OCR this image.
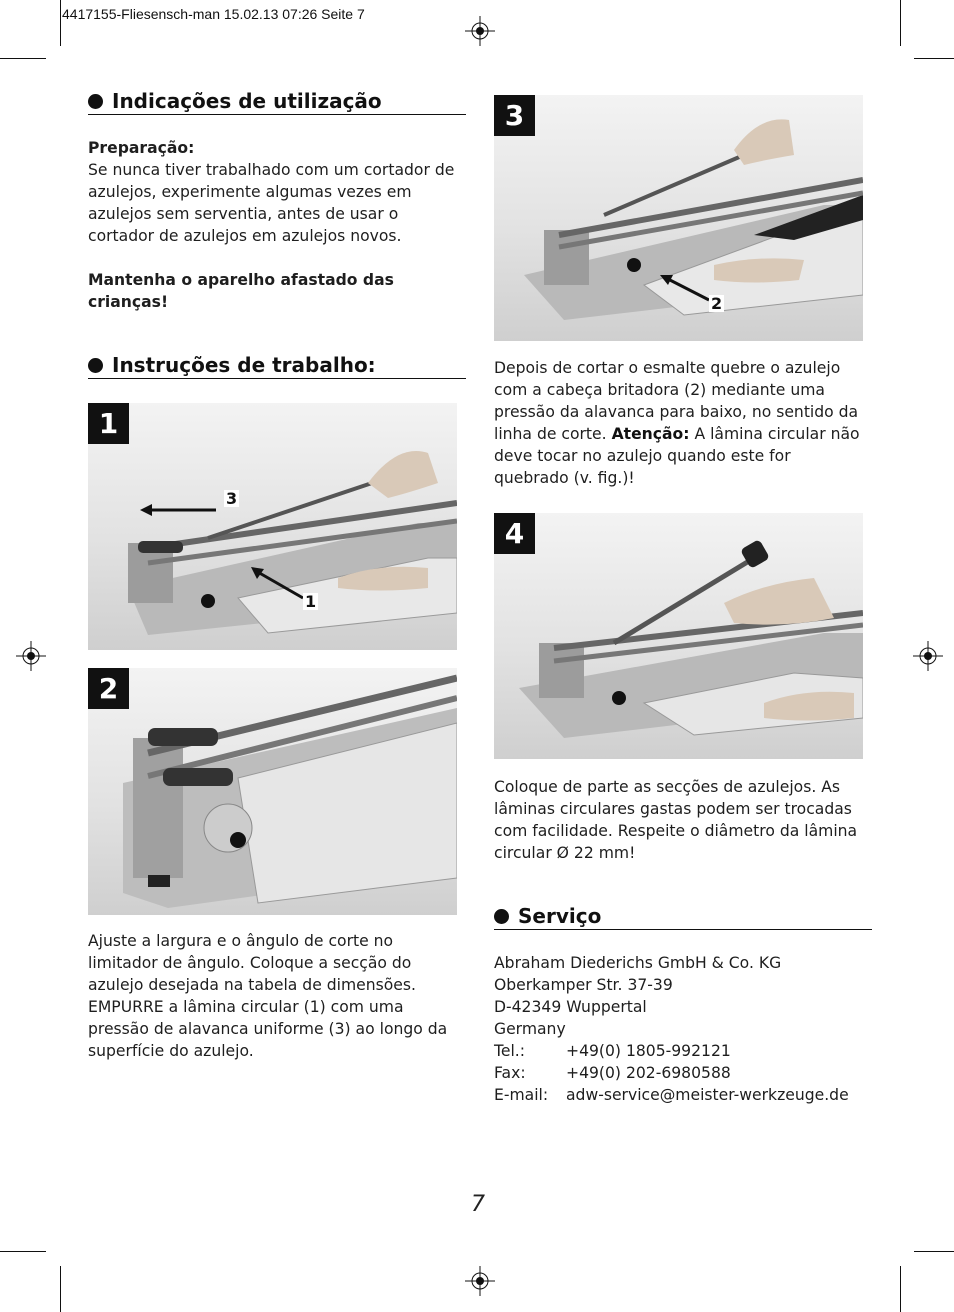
4417155-Fliesensch-man 15.02.13 07:26 Seite 7
Indicações de utilização
Preparação:
Se nunca tiver trabalhado com um cortador de azulejos, experimente algumas vezes em azulejos sem serventia, antes de usar o cortador de azulejos em azulejos novos.
Mantenha o aparelho afastado das crianças!
Instruções de trabalho:
1
3
1
2
Ajuste a largura e o ângulo de corte no limitador de ângulo. Coloque a secção do azulejo desejada na tabela de dimensões. EMPURRE a lâmina circular (1) com uma pressão de alavanca uniforme (3) ao longo da superfície do azulejo.
3
2
Depois de cortar o esmalte quebre o azulejo com a cabeça britadora (2) mediante uma pressão da alavanca para baixo, no sentido da linha de corte. Atenção: A lâmina circular não deve tocar no azulejo quando este for quebrado (v. fig.)!
4
Coloque de parte as secções de azulejos. As lâminas circulares gastas podem ser trocadas com facilidade. Respeite o diâmetro da lâmina circular Ø 22 mm!
Serviço
Abraham Diederichs GmbH & Co. KG
Oberkamper Str. 37-39
D-42349 Wuppertal
Germany
Tel.:	+49(0) 1805-992121
Fax:	+49(0) 202-6980588
E-mail:	adw-service@meister-werkzeuge.de
7
